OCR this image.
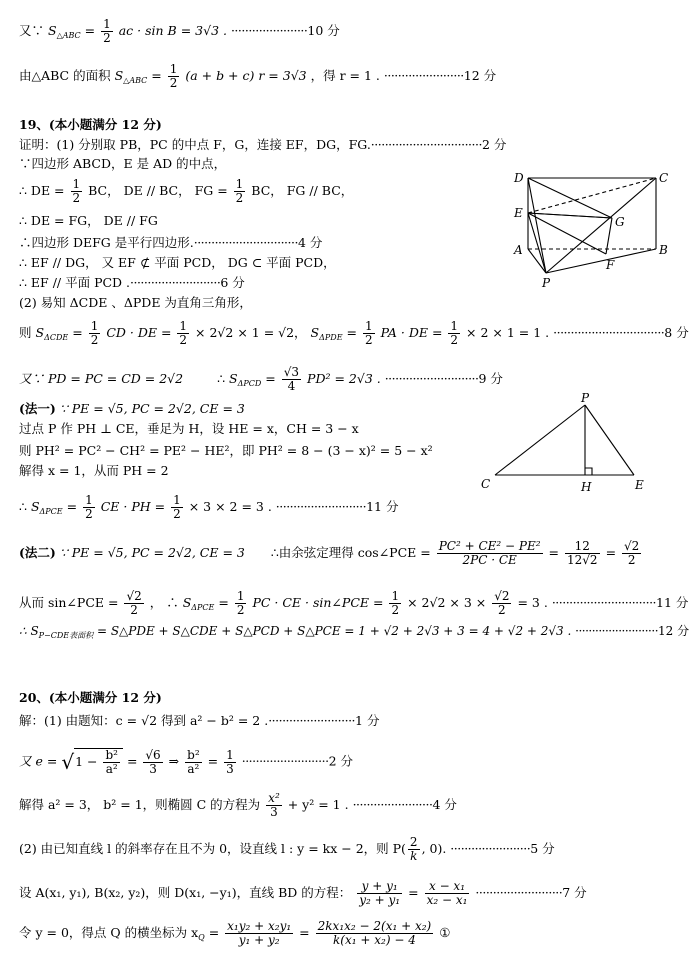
又∵ $S_{\triangle ABC} = \frac{1}{2}$ ac · sin B = 3√3 . ······················10 分
由△ABC 的面积 $S_{\triangle ABC} = \frac{1}{2} (a + b + c) r = 3√3$ ，得 r = 1 . ·······················12 分
19、(本小题满分 12 分)
证明：(1) 分别取 PB，PC 的中点 F，G，连接 EF，DG，FG.································2 分
∵四边形 ABCD，E 是 AD 的中点，
∴ DE = $\frac{1}{2}$ BC， DE // BC， FG = $\frac{1}{2}$ BC， FG // BC，
∴ DE = FG， DE // FG
∴四边形 DEFG 是平行四边形.······························4 分
∴ EF // DG， 又 EF ⊄ 平面 PCD， DG ⊂ 平面 PCD，
∴ EF // 平面 PCD .··························6 分
(2) 易知 ΔCDE 、ΔPDE 为直角三角形，
则 $S_{\Delta CDE} = \frac{1}{2}$ CD · DE = $\frac{1}{2} \times 2√2 \times 1 = √2$， $S_{\Delta PDE} = \frac{1}{2}$ PA · DE = $\frac{1}{2} \times 2 \times 1 = 1$ . ································8 分
又∵ PD = PC = CD = 2√2	∴ $S_{\Delta PCD} = \frac{√3}{4} PD^2 = 2√3$ . ···························9 分
(法一) ∵ PE = √5, PC = 2√2, CE = 3
过点 P 作 PH ⊥ CE，垂足为 H，设 HE = x，CH = 3 − x
则 PH² = PC² − CH² = PE² − HE²，即 PH² = 8 − (3 − x)² = 5 − x²
解得 x = 1，从而 PH = 2
∴ $S_{\Delta PCE} = \frac{1}{2}$ CE · PH = $\frac{1}{2} \times 3 \times 2 = 3$ . ··························11 分
(法二) ∵ PE = √5, PC = 2√2, CE = 3 ∴由余弦定理得 cos∠PCE = $\frac{\text{PC² + CE² − PE²}}{2PC \cdot CE} = \frac{12}{12√2} = \frac{√2}{2}$
从而 sin∠PCE = $\frac{√2}{2}$ ， ∴ $S_{\Delta PCE} = \frac{1}{2}$ PC · CE · sin∠PCE = $\frac{1}{2} \times 2√2 \times 3 \times \frac{√2}{2} = 3$ . ······························11 分
∴ $S_{P-CDE表面积}$ = S△PDE + S△CDE + S△PCD + S△PCE = 1 + √2 + 2√3 + 3 = 4 + √2 + 2√3 . ·························12 分
20、(本小题满分 12 分)
解：(1) 由题知：c = √2 得到 a² − b² = 2 .·························1 分
又 $e = √1 - \frac{\text{b²}}{\text{a²}} = \frac{√6}{3}$ ⇒ $\frac{\text{b²}}{\text{a²}} = \frac{1}{3} \cdot\cdot\cdot\cdot\cdot\cdot\cdot\cdot\cdot\cdot\cdot\cdot\cdot\cdot\cdot\cdot\cdot\cdot\cdot\cdot\cdot\cdot\cdot\cdot\cdot 2$ 分
解得 a² = 3， b² = 1，则椭圆 C 的方程为 $\frac{\text{x²}}{3} + y^2 = 1$ . ·······················4 分
(2) 由已知直线 l 的斜率存在且不为 0，设直线 l : y = kx − 2，则 $P( \frac{2}{k}$ , 0). ·······················5 分
设 A(x₁, y₁), B(x₂, y₂)，则 D(x₁, −y₁)，直线 BD 的方程： $\frac{\text{y + y₁}}{\text{y₂ + y₁}} = \frac{\text{x − x₁}}{\text{x₂ − x₁}} \cdot\cdot\cdot\cdot\cdot\cdot\cdot\cdot\cdot\cdot\cdot\cdot\cdot\cdot\cdot\cdot\cdot\cdot\cdot\cdot\cdot\cdot\cdot\cdot\cdot 7$ 分
令 y = 0，得点 Q 的横坐标为 $x_Q = \frac{\text{x₁y₂ + x₂y₁}}{\text{y₁ + y₂}} = \frac{\text{2kx₁x₂ − 2(x₁ + x₂)}}{\text{k(x₁ + x₂) − 4}}$ ①
D	C
E
G
A	B
P
F
P
C	H	E
